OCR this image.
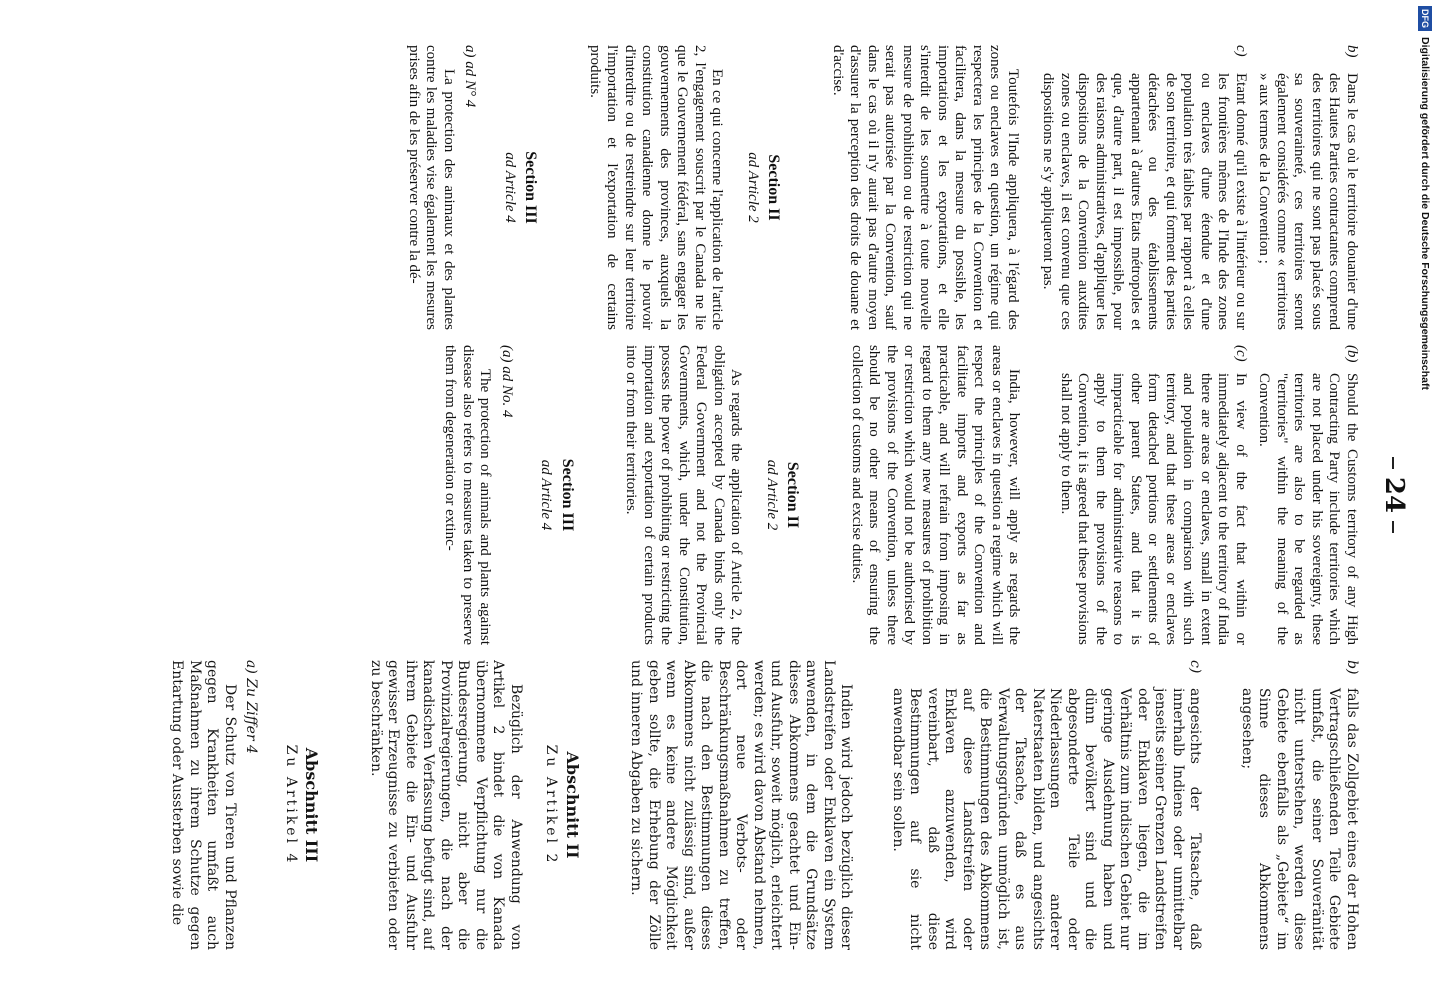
24
b)
Dans le cas où le territoire douanier d'une des Hautes Parties contractantes comprend des territoires qui ne sont pas placés sous sa souveraineté, ces territoires seront également considérés comme « territoires » aux termes de la Convention ;
c)
Etant donné qu'il existe à l'intérieur ou sur les frontières mêmes de l'Inde des zones ou enclaves d'une étendue et d'une population très faibles par rapport à celles de son territoire, et qui forment des parties détachées ou des établissements appartenant à d'autres Etats métropoles et que, d'autre part, il est impossible, pour des raisons administratives, d'appliquer les dispositions de la Convention auxdites zones ou enclaves, il est convenu que ces dispositions ne s'y appliqueront pas.

Toutefois l'Inde appliquera, à l'égard des zones ou enclaves en question, un régime qui respectera les principes de la Convention et facilitera, dans la mesure du possible, les importations et les exportations, et elle s'interdit de les soumettre à toute nouvelle mesure de prohibition ou de restriction qui ne serait pas autorisée par la Convention, sauf dans le cas où il n'y aurait pas d'autre moyen d'assurer la perception des droits de douane et d'accise.

Section II
ad Article 2

En ce qui concerne l'application de l'article 2, l'engagement souscrit par le Canada ne lie que le Gouvernement fédéral, sans engager les gouvernements des provinces, auxquels la constitution canadienne donne le pouvoir d'interdire ou de restreindre sur leur territoire l'importation et l'exportation de certains produits.

Section III
ad Article 4
a) ad N° 4

La protection des animaux et des plantes contre les maladies vise également les mesures prises afin de les préserver contre la dé-

(b)
Should the Customs territory of any High Contracting Party include territories which are not placed under his sovereignty, these territories are also to be regarded as "territories" within the meaning of the Convention.
(c)
In view of the fact that within or immediately adjacent to the territory of India there are areas or enclaves, small in extent and population in comparison with such territory, and that these areas or enclaves form detached portions or settlements of other parent States, and that it is impracticable for administrative reasons to apply to them the provisions of the Convention, it is agreed that these provisions shall not apply to them.

India, however, will apply as regards the areas or enclaves in question a regime which will respect the principles of the Convention and facilitate imports and exports as far as practicable, and will refrain from imposing in regard to them any new measures of prohibition or restriction which would not be authorised by the provisions of the Convention, unless there should be no other means of ensuring the collection of customs and excise duties.

Section II
ad Article 2

As regards the application of Article 2, the obligation accepted by Canada binds only the Federal Government and not the Provincial Governments, which, under the Constitution, possess the power of prohibiting or restricting the importation and exportation of certain products into or from their territories.

Section III
ad Article 4
(a) ad No. 4

The protection of animals and plants against disease also refers to measures taken to preserve them from degeneration or extinc-

b)
falls das Zollgebiet eines der Hohen Vertragschließenden Teile Gebiete umfaßt, die seiner Souveränität nicht unterstehen, werden diese Gebiete ebenfalls als „Gebiete“ im Sinne dieses Abkommens angesehen;
c)
angesichts der Tatsache, daß innerhalb Indiens oder unmittelbar jenseits seiner Grenzen Landstreifen oder Enklaven liegen, die im Verhältnis zum indischen Gebiet nur geringe Ausdehnung haben und dünn bevölkert sind und die abgesonderte Teile oder Niederlassungen anderer Naterstaaten bilden, und angesichts der Tatsache, daß es aus Verwaltungsgründen unmöglich ist, die Bestimmungen des Abkommens auf diese Landstreifen oder Enklaven anzuwenden, wird vereinbart, daß diese Bestimmungen auf sie nicht anwendbar sein sollen.

Indien wird jedoch bezüglich dieser Landstreifen oder Enklaven ein System anwenden, in dem die Grundsätze dieses Abkommens geachtet und Ein- und Ausfuhr, soweit möglich, erleichtert werden; es wird davon Abstand nehmen, dort neue Verbots- oder Beschränkungsmaßnahmen zu treffen, die nach den Bestimmungen dieses Abkommens nicht zulässig sind, außer wenn es keine andere Möglichkeit geben sollte, die Erhebung der Zölle und inneren Abgaben zu sichern.

Abschnitt II
Zu Artikel 2

Bezüglich der Anwendung von Artikel 2 bindet die von Kanada übernommene Verpflichtung nur die Bundesregierung, nicht aber die Provinzialregierungen, die nach der kanadischen Verfassung befugt sind, auf ihrem Gebiete die Ein- und Ausfuhr gewisser Erzeugnisse zu verbieten oder zu beschränken.

Abschnitt III
Zu Artikel 4
a) Zu Ziffer 4

Der Schutz von Tieren und Pflanzen gegen Krankheiten umfaßt auch Maßnahmen zu ihrem Schutze gegen Entartung oder Aussterben sowie die

DFGDigitalisierung gefördert durch die Deutsche Forschungsgemeinschaft
